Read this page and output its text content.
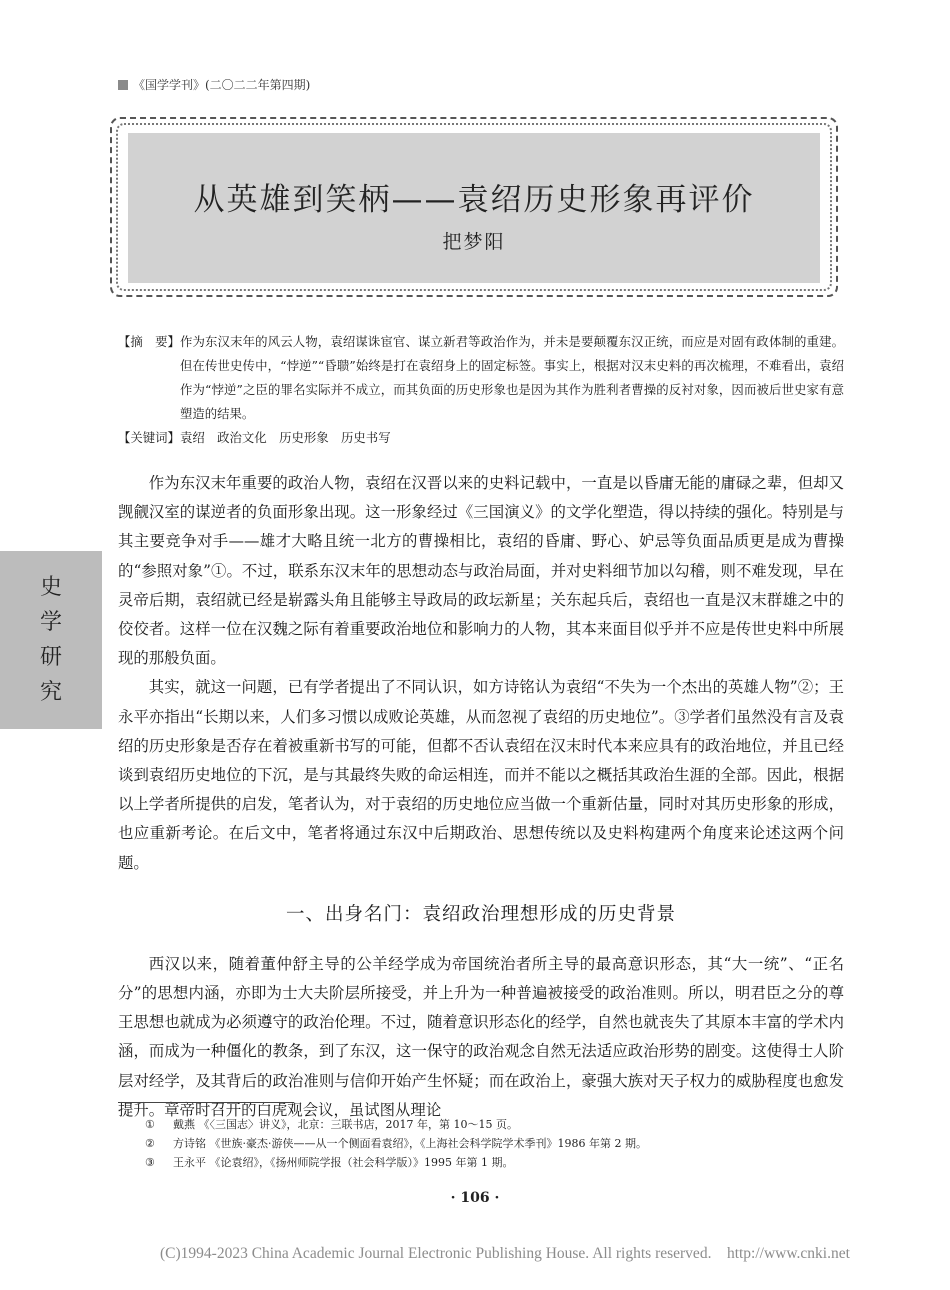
《国学学刊》(二〇二二年第四期)
从英雄到笑柄——袁绍历史形象再评价
把梦阳
【摘　要】 作为东汉末年的风云人物，袁绍谋诛宦官、谋立新君等政治作为，并未是要颠覆东汉正统，而应是对固有政体制的重建。但在传世史传中，“悖逆”“昏聩”始终是打在袁绍身上的固定标签。事实上，根据对汉末史料的再次梳理，不难看出，袁绍作为“悖逆”之臣的罪名实际并不成立，而其负面的历史形象也是因为其作为胜利者曹操的反衬对象，因而被后世史家有意塑造的结果。
【关键词】 袁绍　政治文化　历史形象　历史书写
史
学
研
究

作为东汉末年重要的政治人物，袁绍在汉晋以来的史料记载中，一直是以昏庸无能的庸碌之辈，但却又觊觎汉室的谋逆者的负面形象出现。这一形象经过《三国演义》的文学化塑造，得以持续的强化。特别是与其主要竞争对手——雄才大略且统一北方的曹操相比，袁绍的昏庸、野心、妒忌等负面品质更是成为曹操的“参照对象”①。不过，联系东汉末年的思想动态与政治局面，并对史料细节加以勾稽，则不难发现，早在灵帝后期，袁绍就已经是崭露头角且能够主导政局的政坛新星；关东起兵后，袁绍也一直是汉末群雄之中的佼佼者。这样一位在汉魏之际有着重要政治地位和影响力的人物，其本来面目似乎并不应是传世史料中所展现的那般负面。

其实，就这一问题，已有学者提出了不同认识，如方诗铭认为袁绍“不失为一个杰出的英雄人物”②；王永平亦指出“长期以来，人们多习惯以成败论英雄，从而忽视了袁绍的历史地位”。③学者们虽然没有言及袁绍的历史形象是否存在着被重新书写的可能，但都不否认袁绍在汉末时代本来应具有的政治地位，并且已经谈到袁绍历史地位的下沉，是与其最终失败的命运相连，而并不能以之概括其政治生涯的全部。因此，根据以上学者所提供的启发，笔者认为，对于袁绍的历史地位应当做一个重新估量，同时对其历史形象的形成，也应重新考论。在后文中，笔者将通过东汉中后期政治、思想传统以及史料构建两个角度来论述这两个问题。

一、出身名门：袁绍政治理想形成的历史背景

西汉以来，随着董仲舒主导的公羊经学成为帝国统治者所主导的最高意识形态，其“大一统”、“正名分”的思想内涵，亦即为士大夫阶层所接受，并上升为一种普遍被接受的政治准则。所以，明君臣之分的尊王思想也就成为必须遵守的政治伦理。不过，随着意识形态化的经学，自然也就丧失了其原本丰富的学术内涵，而成为一种僵化的教条，到了东汉，这一保守的政治观念自然无法适应政治形势的剧变。这使得士人阶层对经学，及其背后的政治准则与信仰开始产生怀疑；而在政治上，豪强大族对天子权力的威胁程度也愈发提升。章帝时召开的白虎观会议，虽试图从理论

①	戴燕 《〈三国志〉讲义》，北京：三联书店，2017 年，第 10～15 页。
②	方诗铭 《世族·豪杰·游侠——从一个侧面看袁绍》，《上海社会科学院学术季刊》1986 年第 2 期。
③	王永平 《论袁绍》，《扬州师院学报（社会科学版）》1995 年第 1 期。
· 106 ·
(C)1994-2023 China Academic Journal Electronic Publishing House. All rights reserved.　http://www.cnki.net
